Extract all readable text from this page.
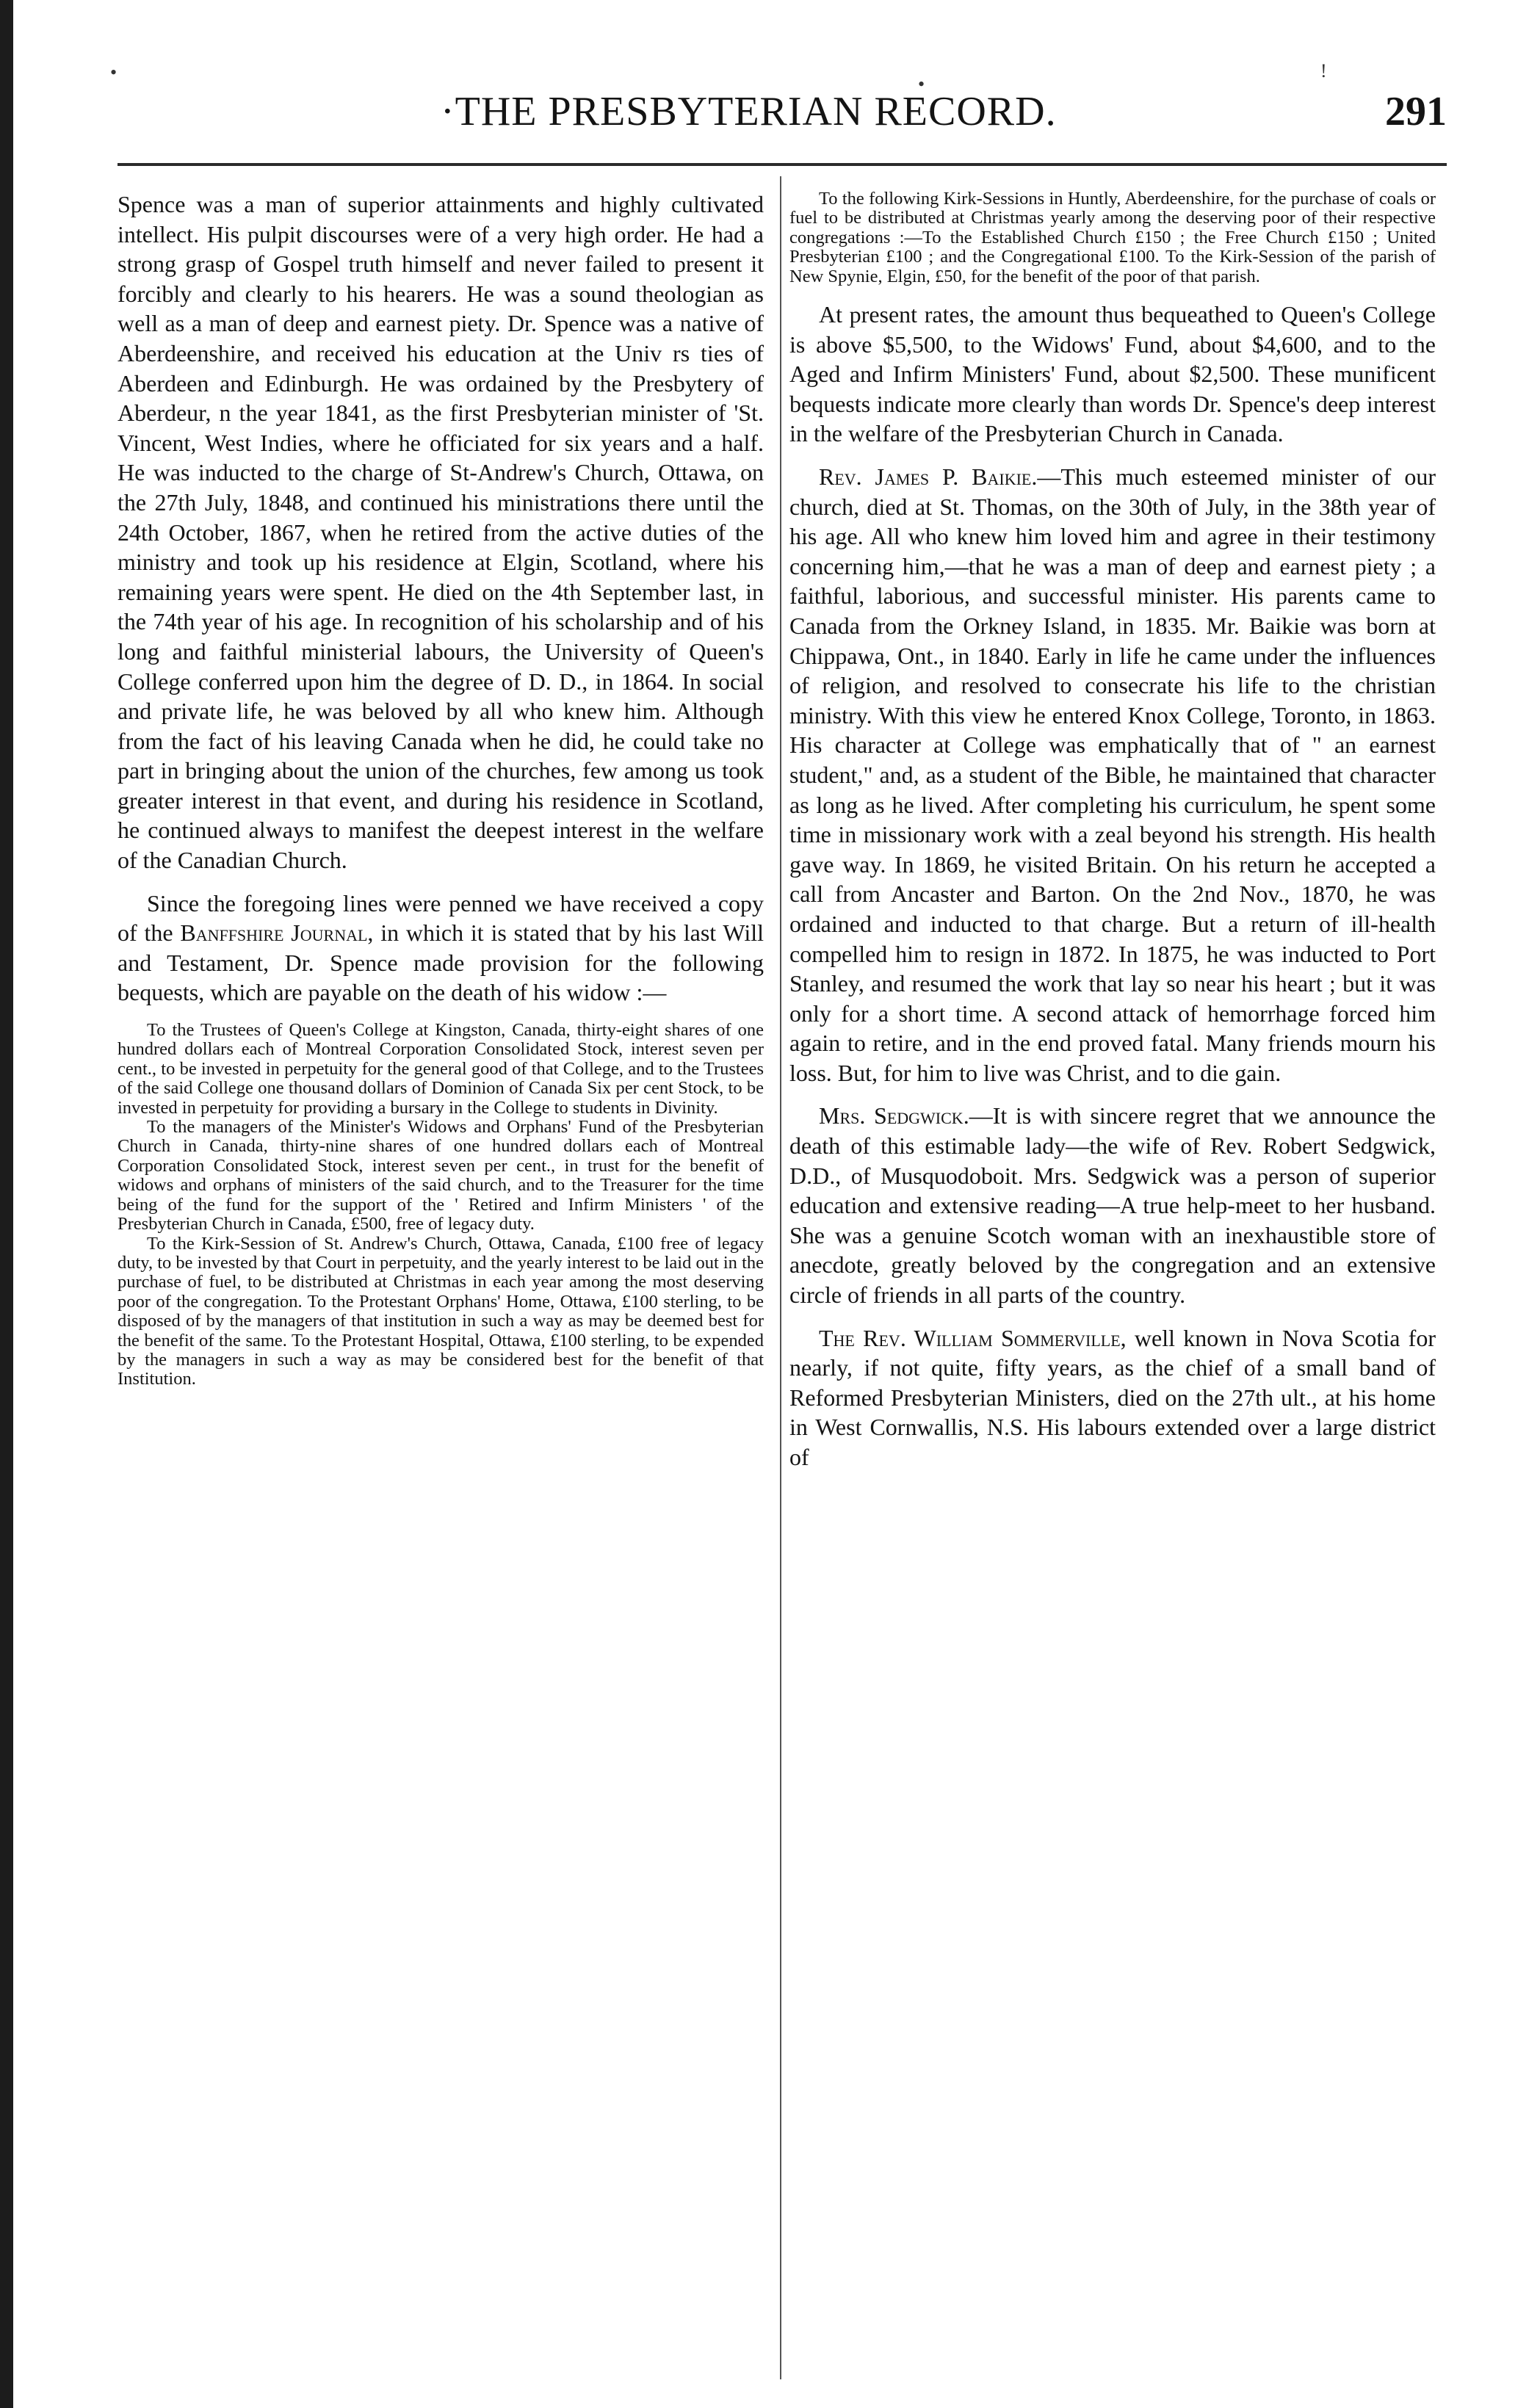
•	!
•
·THE PRESBYTERIAN RECORD.	291

Spence was a man of superior attainments and highly cultivated intellect. His pulpit discourses were of a very high order. He had a strong grasp of Gospel truth himself and never failed to present it forcibly and clearly to his hearers. He was a sound theologian as well as a man of deep and earnest piety. Dr. Spence was a native of Aberdeenshire, and received his education at the Univ rs ties of Aberdeen and Edinburgh. He was ordained by the Presbytery of Aberdeur, n the year 1841, as the first Presbyterian minister of 'St. Vincent, West Indies, where he officiated for six years and a half. He was inducted to the charge of St-Andrew's Church, Ottawa, on the 27th July, 1848, and continued his ministrations there until the 24th October, 1867, when he retired from the active duties of the ministry and took up his residence at Elgin, Scotland, where his remaining years were spent. He died on the 4th September last, in the 74th year of his age. In recognition of his scholarship and of his long and faithful ministerial labours, the University of Queen's College conferred upon him the degree of D. D., in 1864. In social and private life, he was beloved by all who knew him. Although from the fact of his leaving Canada when he did, he could take no part in bringing about the union of the churches, few among us took greater interest in that event, and during his residence in Scotland, he continued always to manifest the deepest interest in the welfare of the Canadian Church.

Since the foregoing lines were penned we have received a copy of the Banffshire Journal, in which it is stated that by his last Will and Testament, Dr. Spence made provision for the following bequests, which are payable on the death of his widow :—

To the Trustees of Queen's College at Kingston, Canada, thirty-eight shares of one hundred dollars each of Montreal Corporation Consolidated Stock, interest seven per cent., to be invested in perpetuity for the general good of that College, and to the Trustees of the said College one thousand dollars of Dominion of Canada Six per cent Stock, to be invested in perpetuity for providing a bursary in the College to students in Divinity.

To the managers of the Minister's Widows and Orphans' Fund of the Presbyterian Church in Canada, thirty-nine shares of one hundred dollars each of Montreal Corporation Consolidated Stock, interest seven per cent., in trust for the benefit of widows and orphans of ministers of the said church, and to the Treasurer for the time being of the fund for the support of the ' Retired and Infirm Ministers ' of the Presbyterian Church in Canada, £500, free of legacy duty.

To the Kirk-Session of St. Andrew's Church, Ottawa, Canada, £100 free of legacy duty, to be invested by that Court in perpetuity, and the yearly interest to be laid out in the purchase of fuel, to be distributed at Christmas in each year among the most deserving poor of the congregation. To the Protestant Orphans' Home, Ottawa, £100 sterling, to be disposed of by the managers of that institution in such a way as may be deemed best for the benefit of the same. To the Protestant Hospital, Ottawa, £100 sterling, to be expended by the managers in such a way as may be considered best for the benefit of that Institution.

To the following Kirk-Sessions in Huntly, Aberdeenshire, for the purchase of coals or fuel to be distributed at Christmas yearly among the deserving poor of their respective congregations :—To the Established Church £150 ; the Free Church £150 ; United Presbyterian £100 ; and the Congregational £100. To the Kirk-Session of the parish of New Spynie, Elgin, £50, for the benefit of the poor of that parish.

At present rates, the amount thus bequeathed to Queen's College is above $5,500, to the Widows' Fund, about $4,600, and to the Aged and Infirm Ministers' Fund, about $2,500. These munificent bequests indicate more clearly than words Dr. Spence's deep interest in the welfare of the Presbyterian Church in Canada.

Rev. James P. Baikie.—This much esteemed minister of our church, died at St. Thomas, on the 30th of July, in the 38th year of his age. All who knew him loved him and agree in their testimony concerning him,—that he was a man of deep and earnest piety ; a faithful, laborious, and successful minister. His parents came to Canada from the Orkney Island, in 1835. Mr. Baikie was born at Chippawa, Ont., in 1840. Early in life he came under the influences of religion, and resolved to consecrate his life to the christian ministry. With this view he entered Knox College, Toronto, in 1863. His character at College was emphatically that of " an earnest student," and, as a student of the Bible, he maintained that character as long as he lived. After completing his curriculum, he spent some time in missionary work with a zeal beyond his strength. His health gave way. In 1869, he visited Britain. On his return he accepted a call from Ancaster and Barton. On the 2nd Nov., 1870, he was ordained and inducted to that charge. But a return of ill-health compelled him to resign in 1872. In 1875, he was inducted to Port Stanley, and resumed the work that lay so near his heart ; but it was only for a short time. A second attack of hemorrhage forced him again to retire, and in the end proved fatal. Many friends mourn his loss. But, for him to live was Christ, and to die gain.

Mrs. Sedgwick.—It is with sincere regret that we announce the death of this estimable lady—the wife of Rev. Robert Sedgwick, D.D., of Musquodoboit. Mrs. Sedgwick was a person of superior education and extensive reading—A true help-meet to her husband. She was a genuine Scotch woman with an inexhaustible store of anecdote, greatly beloved by the congregation and an extensive circle of friends in all parts of the country.

The Rev. William Sommerville, well known in Nova Scotia for nearly, if not quite, fifty years, as the chief of a small band of Reformed Presbyterian Ministers, died on the 27th ult., at his home in West Cornwallis, N.S. His labours extended over a large district of
